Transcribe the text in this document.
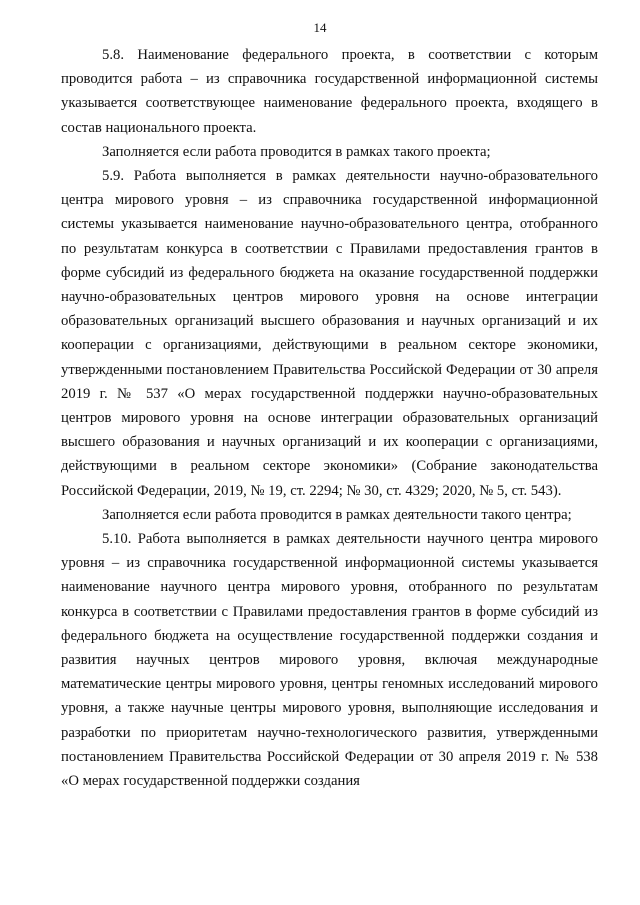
14

5.8. Наименование федерального проекта, в соответствии с которым проводится работа – из справочника государственной информационной системы указывается соответствующее наименование федерального проекта, входящего в состав национального проекта.

Заполняется если работа проводится в рамках такого проекта;

5.9. Работа выполняется в рамках деятельности научно-образовательного центра мирового уровня – из справочника государственной информационной системы указывается наименование научно-образовательного центра, отобранного по результатам конкурса в соответствии с Правилами предоставления грантов в форме субсидий из федерального бюджета на оказание государственной поддержки научно-образовательных центров мирового уровня на основе интеграции образовательных организаций высшего образования и научных организаций и их кооперации с организациями, действующими в реальном секторе экономики, утвержденными постановлением Правительства Российской Федерации от 30 апреля 2019 г. № 537 «О мерах государственной поддержки научно-образовательных центров мирового уровня на основе интеграции образовательных организаций высшего образования и научных организаций и их кооперации с организациями, действующими в реальном секторе экономики» (Собрание законодательства Российской Федерации, 2019, № 19, ст. 2294; № 30, ст. 4329; 2020, № 5, ст. 543).

Заполняется если работа проводится в рамках деятельности такого центра;

5.10. Работа выполняется в рамках деятельности научного центра мирового уровня – из справочника государственной информационной системы указывается наименование научного центра мирового уровня, отобранного по результатам конкурса в соответствии с Правилами предоставления грантов в форме субсидий из федерального бюджета на осуществление государственной поддержки создания и развития научных центров мирового уровня, включая международные математические центры мирового уровня, центры геномных исследований мирового уровня, а также научные центры мирового уровня, выполняющие исследования и разработки по приоритетам научно-технологического развития, утвержденными постановлением Правительства Российской Федерации от 30 апреля 2019 г. № 538 «О мерах государственной поддержки создания
